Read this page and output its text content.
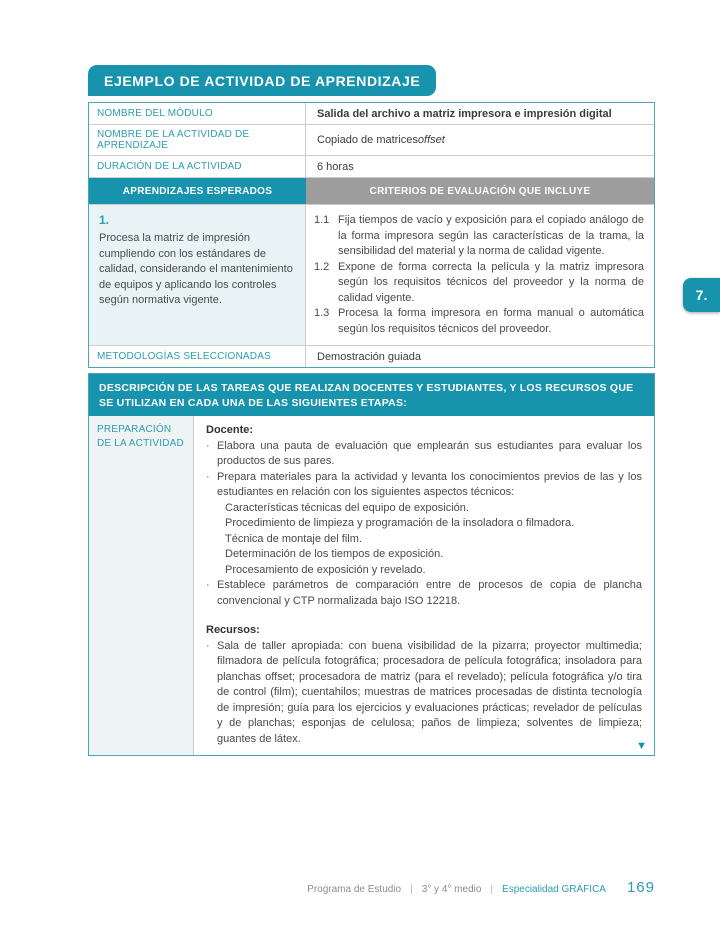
7.
EJEMPLO DE ACTIVIDAD DE APRENDIZAJE
NOMBRE DEL MÓDULO	Salida del archivo a matriz impresora e impresión digital
NOMBRE DE LA ACTIVIDAD DE APRENDIZAJE	Copiado de matrices offset
DURACIÓN DE LA ACTIVIDAD	6 horas
APRENDIZAJES ESPERADOS	CRITERIOS DE EVALUACIÓN QUE INCLUYE
1.
Procesa la matriz de impresión cumpliendo con los estándares de calidad, considerando el mantenimiento de equipos y aplicando los controles según normativa vigente.
1.1 Fija tiempos de vacío y exposición para el copiado análogo de la forma impresora según las características de la trama, la sensibilidad del material y la norma de calidad vigente.
1.2 Expone de forma correcta la película y la matriz impresora según los requisitos técnicos del proveedor y la norma de calidad vigente.
1.3 Procesa la forma impresora en forma manual o automática según los requisitos técnicos del proveedor.
METODOLOGÍAS SELECCIONADAS	Demostración guiada
DESCRIPCIÓN DE LAS TAREAS QUE REALIZAN DOCENTES Y ESTUDIANTES, Y LOS RECURSOS QUE SE UTILIZAN EN CADA UNA DE LAS SIGUIENTES ETAPAS:
PREPARACIÓN DE LA ACTIVIDAD
Docente:
· Elabora una pauta de evaluación que emplearán sus estudiantes para evaluar los productos de sus pares.
· Prepara materiales para la actividad y levanta los conocimientos previos de las y los estudiantes en relación con los siguientes aspectos técnicos:
Características técnicas del equipo de exposición.
Procedimiento de limpieza y programación de la insoladora o filmadora.
Técnica de montaje del film.
Determinación de los tiempos de exposición.
Procesamiento de exposición y revelado.
· Establece parámetros de comparación entre de procesos de copia de plancha convencional y CTP normalizada bajo ISO 12218.
Recursos:
· Sala de taller apropiada: con buena visibilidad de la pizarra; proyector multimedia; filmadora de película fotográfica; procesadora de película fotográfica; insoladora para planchas offset; procesadora de matriz (para el revelado); película fotográfica y/o tira de control (film); cuentahilos; muestras de matrices procesadas de distinta tecnología de impresión; guía para los ejercicios y evaluaciones prácticas; revelador de películas y de planchas; esponjas de celulosa; paños de limpieza; solventes de limpieza; guantes de látex.
▼
Programa de Estudio | 3° y 4° medio | Especialidad GRÁFICA 169
